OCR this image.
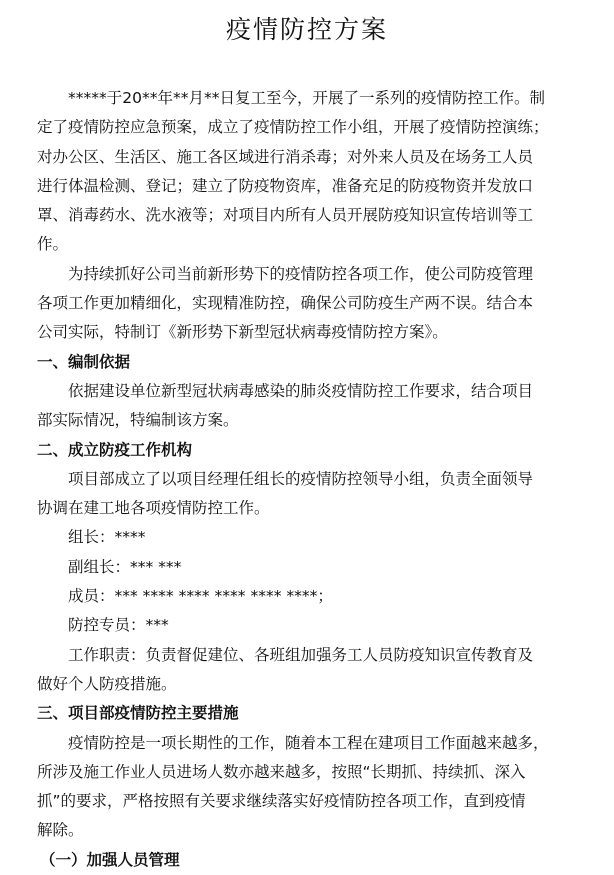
疫情防控方案
*****于20**年**月**日复工至今，开展了一系列的疫情防控工作。制
定了疫情防控应急预案，成立了疫情防控工作小组，开展了疫情防控演练；
对办公区、生活区、施工各区域进行消杀毒；对外来人员及在场务工人员
进行体温检测、登记；建立了防疫物资库，准备充足的防疫物资并发放口
罩、消毒药水、洗水液等；对项目内所有人员开展防疫知识宣传培训等工
作。
为持续抓好公司当前新形势下的疫情防控各项工作，使公司防疫管理
各项工作更加精细化，实现精准防控，确保公司防疫生产两不误。结合本
公司实际，特制订《新形势下新型冠状病毒疫情防控方案》。
一、编制依据
依据建设单位新型冠状病毒感染的肺炎疫情防控工作要求，结合项目
部实际情况，特编制该方案。
二、成立防疫工作机构
项目部成立了以项目经理任组长的疫情防控领导小组，负责全面领导
协调在建工地各项疫情防控工作。
组长：****
副组长：*** ***
成员：*** **** **** **** **** ****；
防控专员：***
工作职责：负责督促建位、各班组加强务工人员防疫知识宣传教育及
做好个人防疫措施。
三、项目部疫情防控主要措施
疫情防控是一项长期性的工作，随着本工程在建项目工作面越来越多，
所涉及施工作业人员进场人数亦越来越多，按照“长期抓、持续抓、深入
抓”的要求，严格按照有关要求继续落实好疫情防控各项工作，直到疫情
解除。
（一）加强人员管理
